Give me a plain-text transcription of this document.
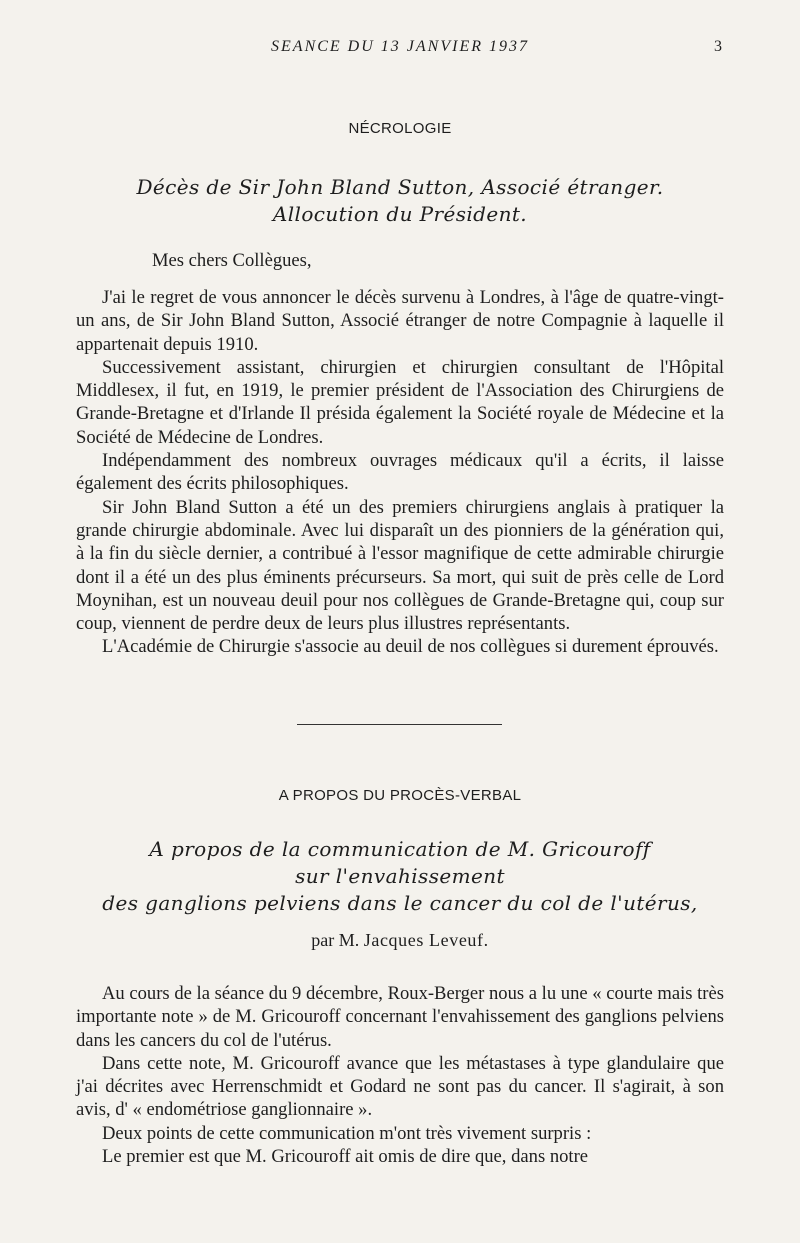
SEANCE DU 13 JANVIER 1937	3
NÉCROLOGIE
Décès de Sir John Bland Sutton, Associé étranger.
Allocution du Président.
Mes chers Collègues,

J'ai le regret de vous annoncer le décès survenu à Londres, à l'âge de quatre-vingt-un ans, de Sir John Bland Sutton, Associé étranger de notre Compagnie à laquelle il appartenait depuis 1910.

Successivement assistant, chirurgien et chirurgien consultant de l'Hôpital Middlesex, il fut, en 1919, le premier président de l'Association des Chirurgiens de Grande-Bretagne et d'Irlande Il présida également la Société royale de Médecine et la Société de Médecine de Londres.

Indépendamment des nombreux ouvrages médicaux qu'il a écrits, il laisse également des écrits philosophiques.

Sir John Bland Sutton a été un des premiers chirurgiens anglais à pratiquer la grande chirurgie abdominale. Avec lui disparaît un des pionniers de la génération qui, à la fin du siècle dernier, a contribué à l'essor magnifique de cette admirable chirurgie dont il a été un des plus éminents précurseurs. Sa mort, qui suit de près celle de Lord Moynihan, est un nouveau deuil pour nos collègues de Grande-Bretagne qui, coup sur coup, viennent de perdre deux de leurs plus illustres représentants.

L'Académie de Chirurgie s'associe au deuil de nos collègues si durement éprouvés.

A PROPOS DU PROCÈS-VERBAL
A propos de la communication de M. Gricouroff
sur l'envahissement
des ganglions pelviens dans le cancer du col de l'utérus,
par M. Jacques Leveuf.

Au cours de la séance du 9 décembre, Roux-Berger nous a lu une « courte mais très importante note » de M. Gricouroff concernant l'envahissement des ganglions pelviens dans les cancers du col de l'utérus.

Dans cette note, M. Gricouroff avance que les métastases à type glandulaire que j'ai décrites avec Herrenschmidt et Godard ne sont pas du cancer. Il s'agirait, à son avis, d' « endométriose ganglionnaire ».

Deux points de cette communication m'ont très vivement surpris :

Le premier est que M. Gricouroff ait omis de dire que, dans notre
